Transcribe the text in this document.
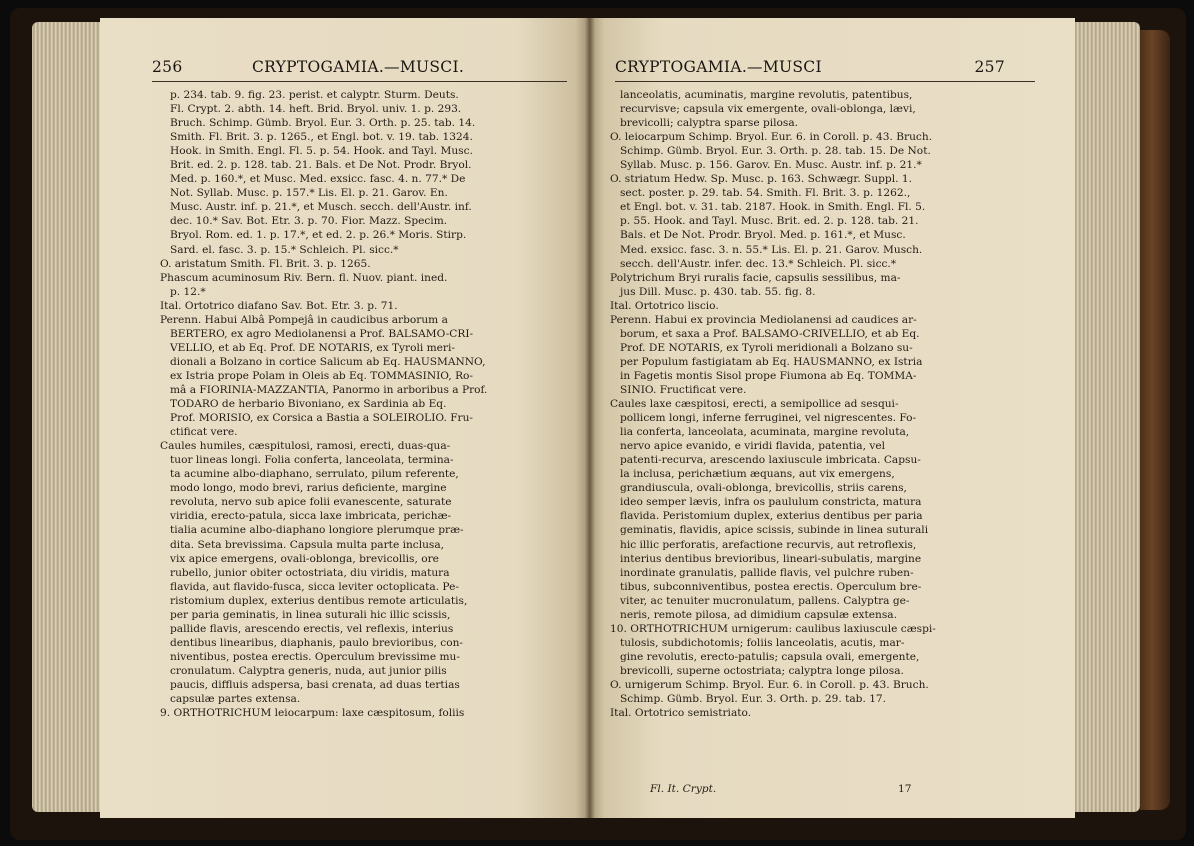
256	CRYPTOGAMIA.—MUSCI.	CRYPTOGAMIA.—MUSCI	257
p. 234. tab. 9. fig. 23. perist. et calyptr. Sturm. Deuts.
Fl. Crypt. 2. abth. 14. heft. Brid. Bryol. univ. 1. p. 293.
Bruch. Schimp. Gümb. Bryol. Eur. 3. Orth. p. 25. tab. 14.
Smith. Fl. Brit. 3. p. 1265., et Engl. bot. v. 19. tab. 1324.
Hook. in Smith. Engl. Fl. 5. p. 54. Hook. and Tayl. Musc.
Brit. ed. 2. p. 128. tab. 21. Bals. et De Not. Prodr. Bryol.
Med. p. 160.*, et Musc. Med. exsicc. fasc. 4. n. 77.* De
Not. Syllab. Musc. p. 157.* Lis. El. p. 21. Garov. En.
Musc. Austr. inf. p. 21.*, et Musch. secch. dell'Austr. inf.
dec. 10.* Sav. Bot. Etr. 3. p. 70. Fior. Mazz. Specim.
Bryol. Rom. ed. 1. p. 17.*, et ed. 2. p. 26.* Moris. Stirp.
Sard. el. fasc. 3. p. 15.* Schleich. Pl. sicc.*
O. aristatum Smith. Fl. Brit. 3. p. 1265.
Phascum acuminosum Riv. Bern. fl. Nuov. piant. ined.
p. 12.*
Ital. Ortotrico diafano Sav. Bot. Etr. 3. p. 71.
Perenn. Habui Albâ Pompejâ in caudicibus arborum a
BERTERO, ex agro Mediolanensi a Prof. BALSAMO-CRI-
VELLIO, et ab Eq. Prof. DE NOTARIS, ex Tyroli meri-
dionali a Bolzano in cortice Salicum ab Eq. HAUSMANNO,
ex Istria prope Polam in Oleis ab Eq. TOMMASINIO, Ro-
mâ a FIORINIA-MAZZANTIA, Panormo in arboribus a Prof.
TODARO de herbario Bivoniano, ex Sardinia ab Eq.
Prof. MORISIO, ex Corsica a Bastia a SOLEIROLIO. Fru-
ctificat vere.
Caules humiles, cæspitulosi, ramosi, erecti, duas-qua-
tuor lineas longi. Folia conferta, lanceolata, termina-
ta acumine albo-diaphano, serrulato, pilum referente,
modo longo, modo brevi, rarius deficiente, margine
revoluta, nervo sub apice folii evanescente, saturate
viridia, erecto-patula, sicca laxe imbricata, perichæ-
tialia acumine albo-diaphano longiore plerumque præ-
dita. Seta brevissima. Capsula multa parte inclusa,
vix apice emergens, ovali-oblonga, brevicollis, ore
rubello, junior obiter octostriata, diu viridis, matura
flavida, aut flavido-fusca, sicca leviter octoplicata. Pe-
ristomium duplex, exterius dentibus remote articulatis,
per paria geminatis, in linea suturali hic illic scissis,
pallide flavis, arescendo erectis, vel reflexis, interius
dentibus linearibus, diaphanis, paulo brevioribus, con-
niventibus, postea erectis. Operculum brevissime mu-
cronulatum. Calyptra generis, nuda, aut junior pilis
paucis, diffluis adspersa, basi crenata, ad duas tertias
capsulæ partes extensa.
9. ORTHOTRICHUM leiocarpum: laxe cæspitosum, foliis
lanceolatis, acuminatis, margine revolutis, patentibus,
recurvisve; capsula vix emergente, ovali-oblonga, lævi,
brevicolli; calyptra sparse pilosa.
O. leiocarpum Schimp. Bryol. Eur. 6. in Coroll. p. 43. Bruch.
Schimp. Gümb. Bryol. Eur. 3. Orth. p. 28. tab. 15. De Not.
Syllab. Musc. p. 156. Garov. En. Musc. Austr. inf. p. 21.*
O. striatum Hedw. Sp. Musc. p. 163. Schwægr. Suppl. 1.
sect. poster. p. 29. tab. 54. Smith. Fl. Brit. 3. p. 1262.,
et Engl. bot. v. 31. tab. 2187. Hook. in Smith. Engl. Fl. 5.
p. 55. Hook. and Tayl. Musc. Brit. ed. 2. p. 128. tab. 21.
Bals. et De Not. Prodr. Bryol. Med. p. 161.*, et Musc.
Med. exsicc. fasc. 3. n. 55.* Lis. El. p. 21. Garov. Musch.
secch. dell'Austr. infer. dec. 13.* Schleich. Pl. sicc.*
Polytrichum Bryi ruralis facie, capsulis sessilibus, ma-
jus Dill. Musc. p. 430. tab. 55. fig. 8.
Ital. Ortotrico liscio.
Perenn. Habui ex provincia Mediolanensi ad caudices ar-
borum, et saxa a Prof. BALSAMO-CRIVELLIO, et ab Eq.
Prof. DE NOTARIS, ex Tyroli meridionali a Bolzano su-
per Populum fastigiatam ab Eq. HAUSMANNO, ex Istria
in Fagetis montis Sisol prope Fiumona ab Eq. TOMMA-
SINIO. Fructificat vere.
Caules laxe cæspitosi, erecti, a semipollice ad sesqui-
pollicem longi, inferne ferruginei, vel nigrescentes. Fo-
lia conferta, lanceolata, acuminata, margine revoluta,
nervo apice evanido, e viridi flavida, patentia, vel
patenti-recurva, arescendo laxiuscule imbricata. Capsu-
la inclusa, perichætium æquans, aut vix emergens,
grandiuscula, ovali-oblonga, brevicollis, striis carens,
ideo semper lævis, infra os paululum constricta, matura
flavida. Peristomium duplex, exterius dentibus per paria
geminatis, flavidis, apice scissis, subinde in linea suturali
hic illic perforatis, arefactione recurvis, aut retroflexis,
interius dentibus brevioribus, lineari-subulatis, margine
inordinate granulatis, pallide flavis, vel pulchre ruben-
tibus, subconniventibus, postea erectis. Operculum bre-
viter, ac tenuiter mucronulatum, pallens. Calyptra ge-
neris, remote pilosa, ad dimidium capsulæ extensa.
10. ORTHOTRICHUM urnigerum: caulibus laxiuscule cæspi-
tulosis, subdichotomis; foliis lanceolatis, acutis, mar-
gine revolutis, erecto-patulis; capsula ovali, emergente,
brevicolli, superne octostriata; calyptra longe pilosa.
O. urnigerum Schimp. Bryol. Eur. 6. in Coroll. p. 43. Bruch.
Schimp. Gümb. Bryol. Eur. 3. Orth. p. 29. tab. 17.
Ital. Ortotrico semistriato.
Fl. It. Crypt.	17
